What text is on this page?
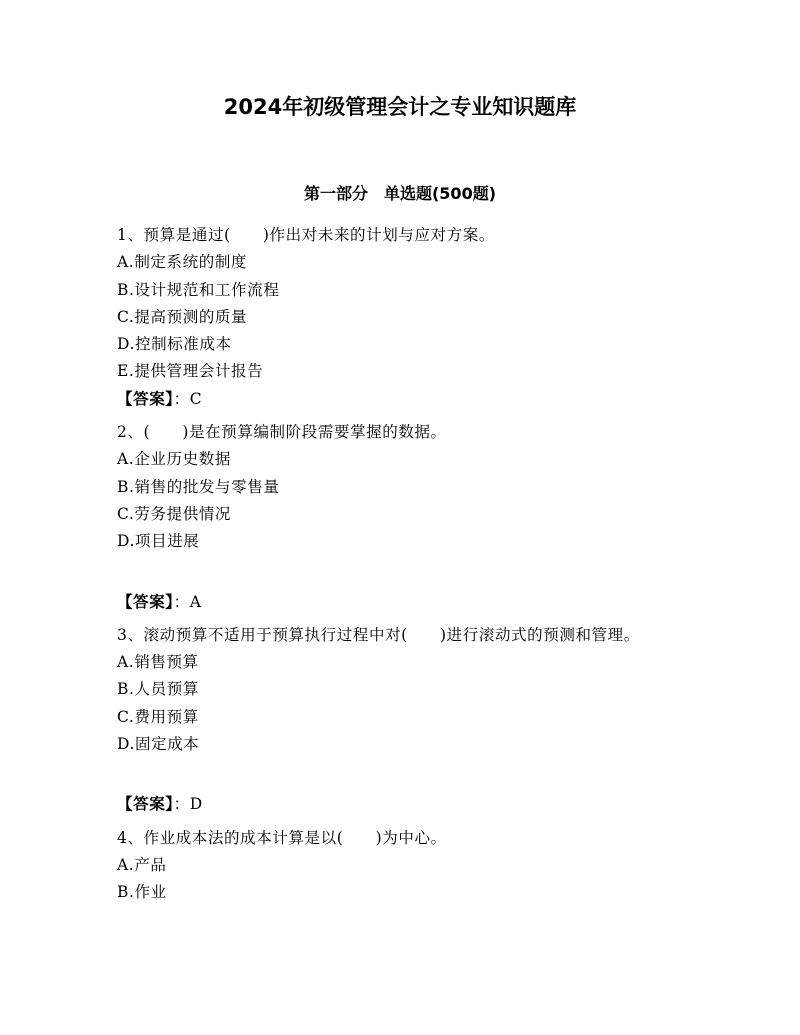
2024年初级管理会计之专业知识题库
第一部分　单选题(500题)
1、预算是通过(　　)作出对未来的计划与应对方案。
A.制定系统的制度
B.设计规范和工作流程
C.提高预测的质量
D.控制标准成本
E.提供管理会计报告
【答案】：C
2、(　　)是在预算编制阶段需要掌握的数据。
A.企业历史数据
B.销售的批发与零售量
C.劳务提供情况
D.项目进展
【答案】：A
3、滚动预算不适用于预算执行过程中对(　　)进行滚动式的预测和管理。
A.销售预算
B.人员预算
C.费用预算
D.固定成本
【答案】：D
4、作业成本法的成本计算是以(　　)为中心。
A.产品
B.作业
